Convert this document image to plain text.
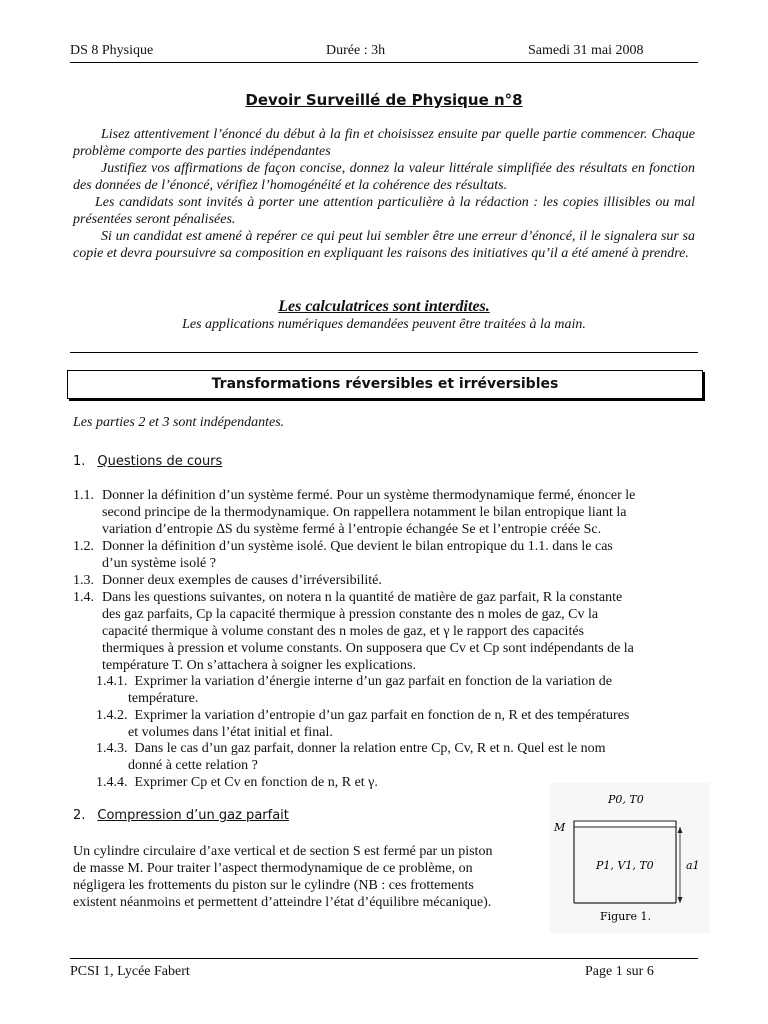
DS 8 Physique	Durée : 3h	Samedi 31 mai 2008
Devoir Surveillé de Physique n°8

Lisez attentivement l’énoncé du début à la fin et choisissez ensuite par quelle partie commencer. Chaque problème comporte des parties indépendantes

Justifiez vos affirmations de façon concise, donnez la valeur littérale simplifiée des résultats en fonction des données de l’énoncé, vérifiez l’homogénéité et la cohérence des résultats.

Les candidats sont invités à porter une attention particulière à la rédaction : les copies illisibles ou mal présentées seront pénalisées.

Si un candidat est amené à repérer ce qui peut lui sembler être une erreur d’énoncé, il le signalera sur sa copie et devra poursuivre sa composition en expliquant les raisons des initiatives qu’il a été amené à prendre.

Les calculatrices sont interdites.
Les applications numériques demandées peuvent être traitées à la main.
Transformations réversibles et irréversibles
Les parties 2 et 3 sont indépendantes.
1. Questions de cours
1.1. Donner la définition d’un système fermé. Pour un système thermodynamique fermé, énoncer le
second principe de la thermodynamique. On rappellera notamment le bilan entropique liant la
variation d’entropie ∆S du système fermé à l’entropie échangée Se et l’entropie créée Sc.
1.2. Donner la définition d’un système isolé. Que devient le bilan entropique du 1.1. dans le cas
d’un système isolé ?
1.3. Donner deux exemples de causes d’irréversibilité.
1.4. Dans les questions suivantes, on notera n la quantité de matière de gaz parfait, R la constante
des gaz parfaits, Cp la capacité thermique à pression constante des n moles de gaz, Cv la
capacité thermique à volume constant des n moles de gaz, et γ le rapport des capacités
thermiques à pression et volume constants. On supposera que Cv et Cp sont indépendants de la
température T. On s’attachera à soigner les explications.
1.4.1. Exprimer la variation d’énergie interne d’un gaz parfait en fonction de la variation de
température.
1.4.2. Exprimer la variation d’entropie d’un gaz parfait en fonction de n, R et des températures
et volumes dans l’état initial et final.
1.4.3. Dans le cas d’un gaz parfait, donner la relation entre Cp, Cv, R et n. Quel est le nom
donné à cette relation ?
1.4.4. Exprimer Cp et Cv en fonction de n, R et γ.
2. Compression d’un gaz parfait
Un cylindre circulaire d’axe vertical et de section S est fermé par un piston
de masse M. Pour traiter l’aspect thermodynamique de ce problème, on
négligera les frottements du piston sur le cylindre (NB : ces frottements
existent néanmoins et permettent d’atteindre l’état d’équilibre mécanique).
P0, T0
M
P1, V1, T0	a1
Figure 1.
PCSI 1, Lycée Fabert	Page 1 sur 6
